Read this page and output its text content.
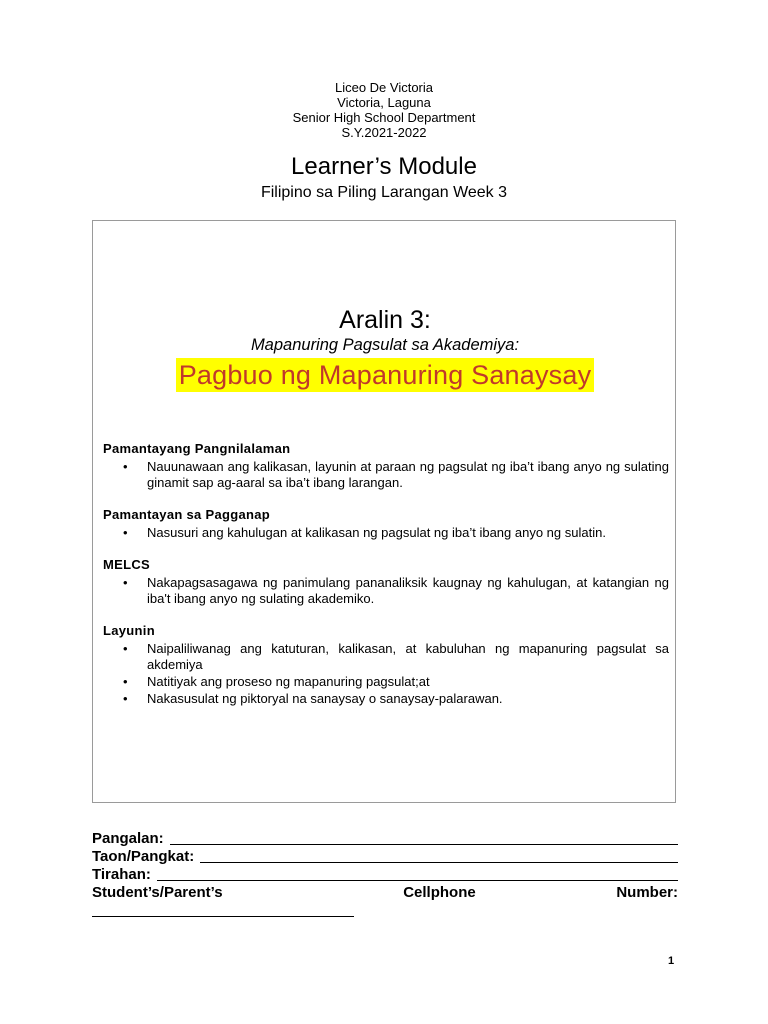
Liceo De Victoria
Victoria, Laguna
Senior High School Department
S.Y.2021-2022
Learner’s Module
Filipino sa Piling Larangan Week 3
Aralin 3:
Mapanuring Pagsulat sa Akademiya:
Pagbuo ng Mapanuring Sanaysay

Pamantayang Pangnilalaman

• Nauunawaan ang kalikasan, layunin at paraan ng pagsulat ng iba’t ibang anyo ng sulating ginamit sap ag-aaral sa iba’t ibang larangan.

Pamantayan sa Pagganap

• Nasusuri ang kahulugan at kalikasan ng pagsulat ng iba’t ibang anyo ng sulatin.

MELCS

• Nakapagsasagawa ng panimulang pananaliksik kaugnay ng kahulugan, at katangian ng iba't ibang anyo ng sulating akademiko.

Layunin

• Naipaliliwanag ang katuturan, kalikasan, at kabuluhan ng mapanuring pagsulat sa akdemiya
• Natitiyak ang proseso ng mapanuring pagsulat;at
• Nakasusulat ng piktoryal na sanaysay o sanaysay-palarawan.
Pangalan:
Taon/Pangkat:
Tirahan:
Student’s/Parent’s	Cellphone	Number:
1
